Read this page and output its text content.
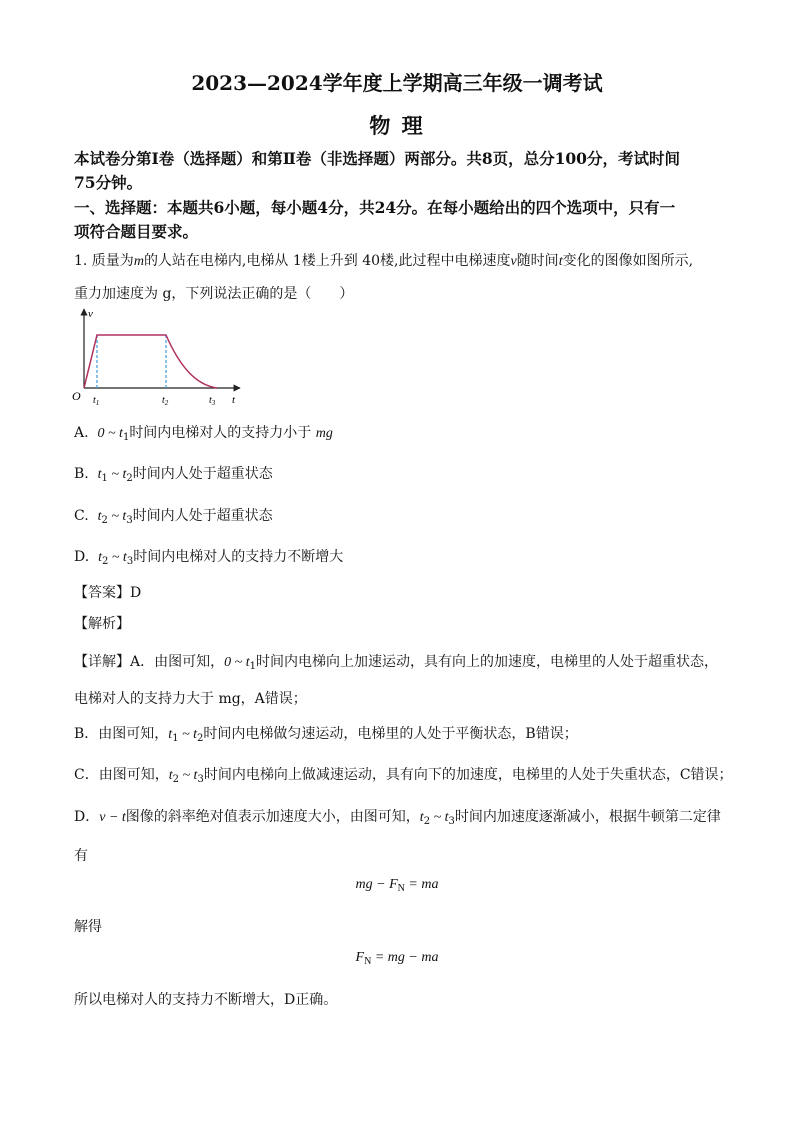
2023—2024学年度上学期高三年级一调考试
物 理
本试卷分第Ⅰ卷（选择题）和第Ⅱ卷（非选择题）两部分。共8页，总分100分，考试时间
75分钟。
一、选择题：本题共6小题，每小题4分，共24分。在每小题给出的四个选项中，只有一
项符合题目要求。
1. 质量为m的人站在电梯内,电梯从 1楼上升到 40楼,此过程中电梯速度v随时间t变化的图像如图所示,
重力加速度为 g，下列说法正确的是（　　）
v
t
O $t_1$	$t_2$	$t_3$
A. 0 ~ $t_1$时间内电梯对人的支持力小于 mg
B. $t_1$ ~ $t_2$时间内人处于超重状态
C. $t_2$ ~ $t_3$时间内人处于超重状态
D. $t_2$ ~ $t_3$时间内电梯对人的支持力不断增大
【答案】D
【解析】
【详解】A．由图可知，0 ~ $t_1$时间内电梯向上加速运动，具有向上的加速度，电梯里的人处于超重状态，
电梯对人的支持力大于 mg，A错误；
B．由图可知，$t_1$ ~ $t_2$时间内电梯做匀速运动，电梯里的人处于平衡状态，B错误；
C．由图可知，$t_2$ ~ $t_3$时间内电梯向上做减速运动，具有向下的加速度，电梯里的人处于失重状态，C错误；
D．v − t图像的斜率绝对值表示加速度大小，由图可知，$t_2$ ~ $t_3$时间内加速度逐渐减小，根据牛顿第二定律
有
mg − $F_N$ = ma
解得
$F_N$ = mg − ma
所以电梯对人的支持力不断增大，D正确。
